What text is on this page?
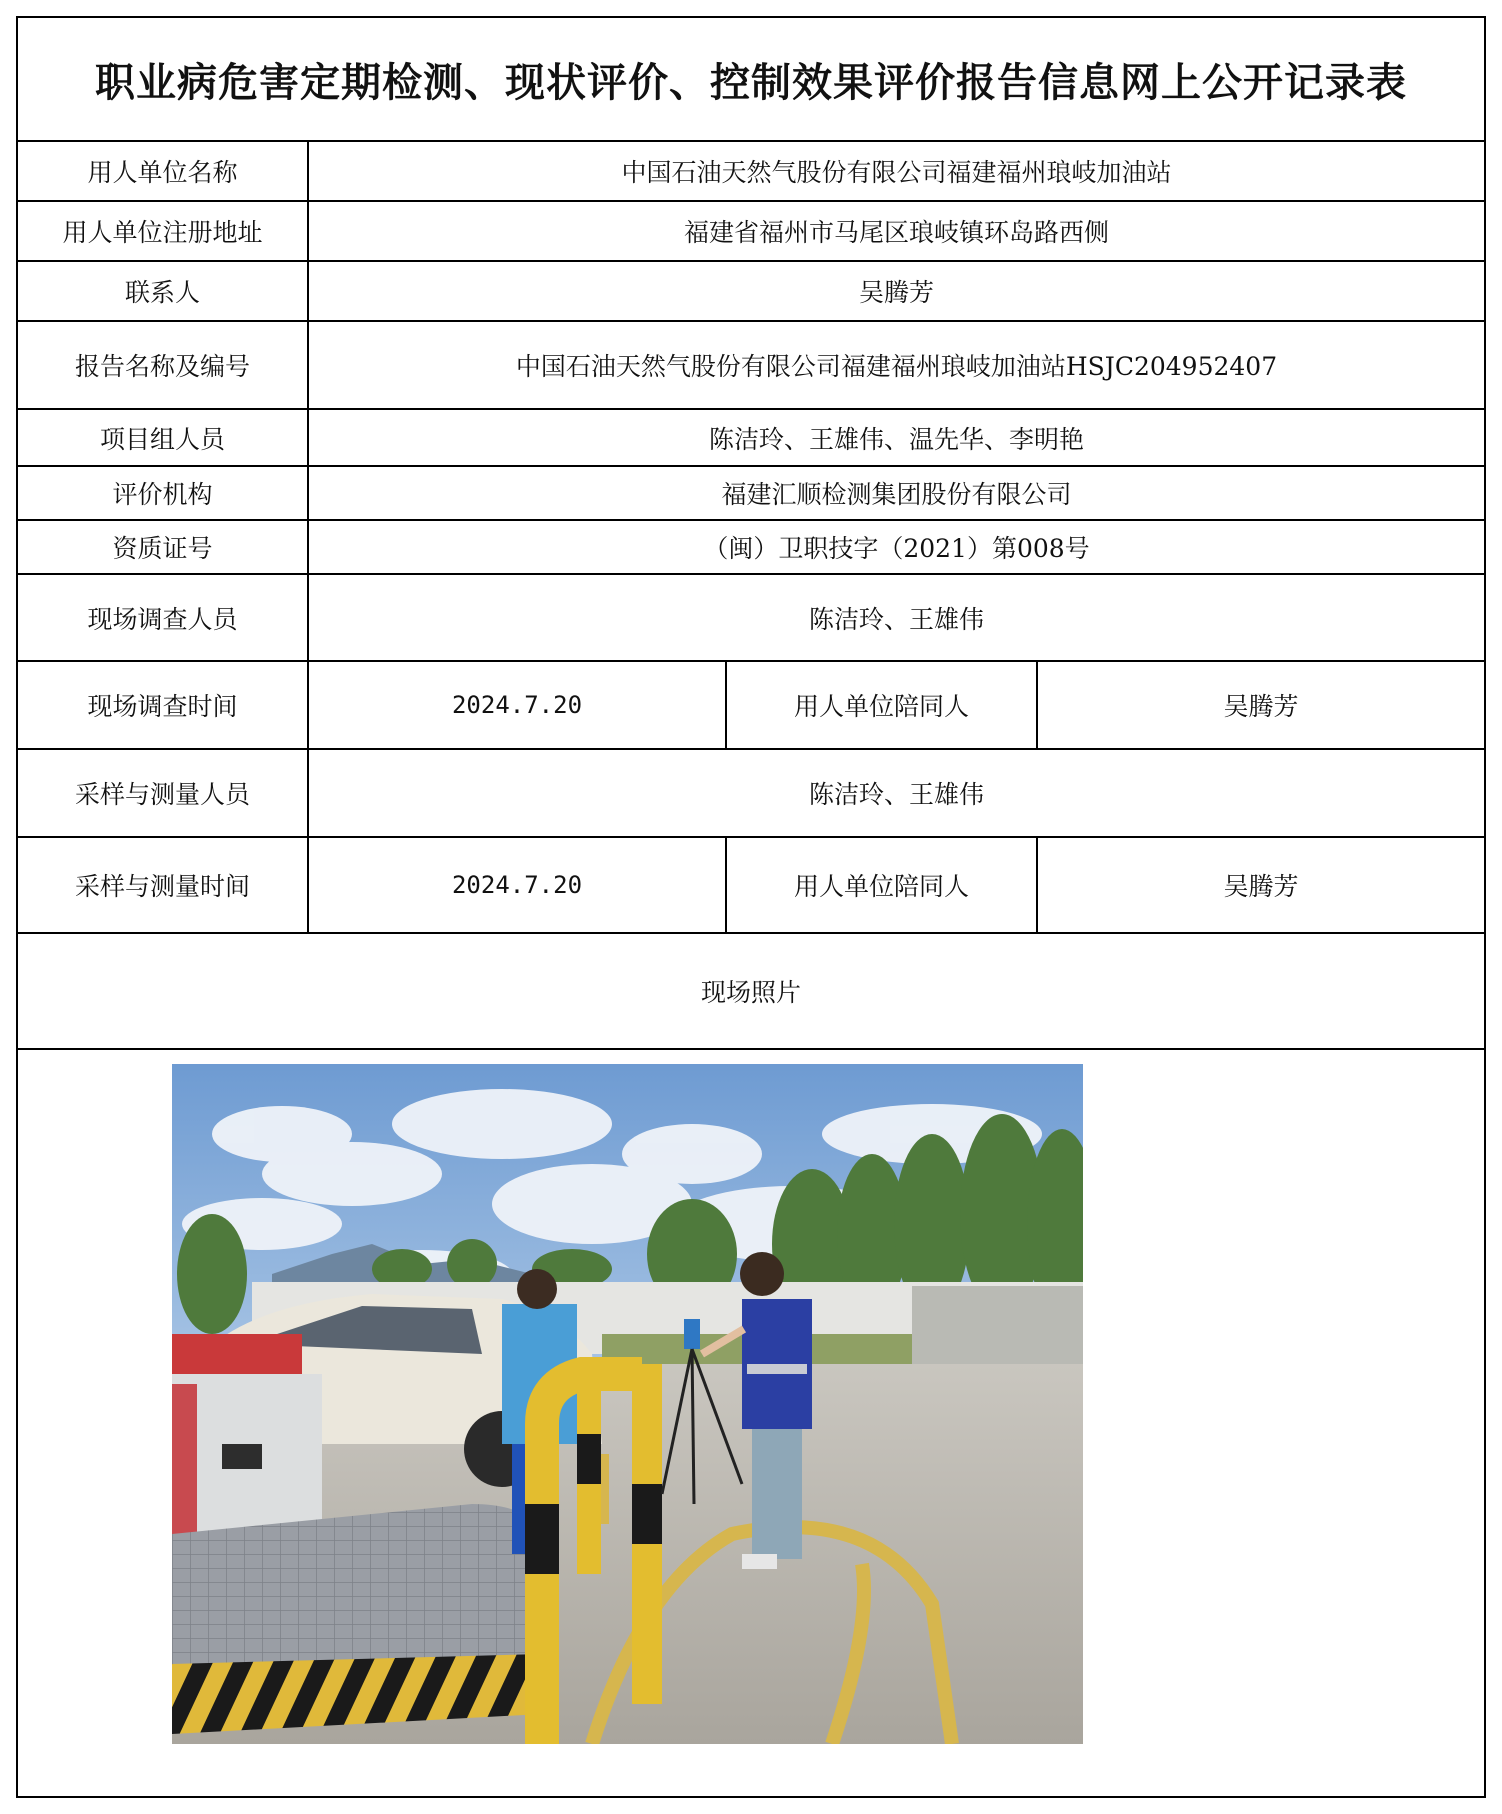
职业病危害定期检测、现状评价、控制效果评价报告信息网上公开记录表
用人单位名称	中国石油天然气股份有限公司福建福州琅岐加油站
用人单位注册地址	福建省福州市马尾区琅岐镇环岛路西侧
联系人	吴腾芳
报告名称及编号	中国石油天然气股份有限公司福建福州琅岐加油站HSJC204952407
项目组人员	陈洁玲、王雄伟、温先华、李明艳
评价机构	福建汇顺检测集团股份有限公司
资质证号	（闽）卫职技字（2021）第008号
现场调查人员	陈洁玲、王雄伟
现场调查时间	2024.7.20	用人单位陪同人	吴腾芳
采样与测量人员	陈洁玲、王雄伟
采样与测量时间	2024.7.20	用人单位陪同人	吴腾芳
现场照片
